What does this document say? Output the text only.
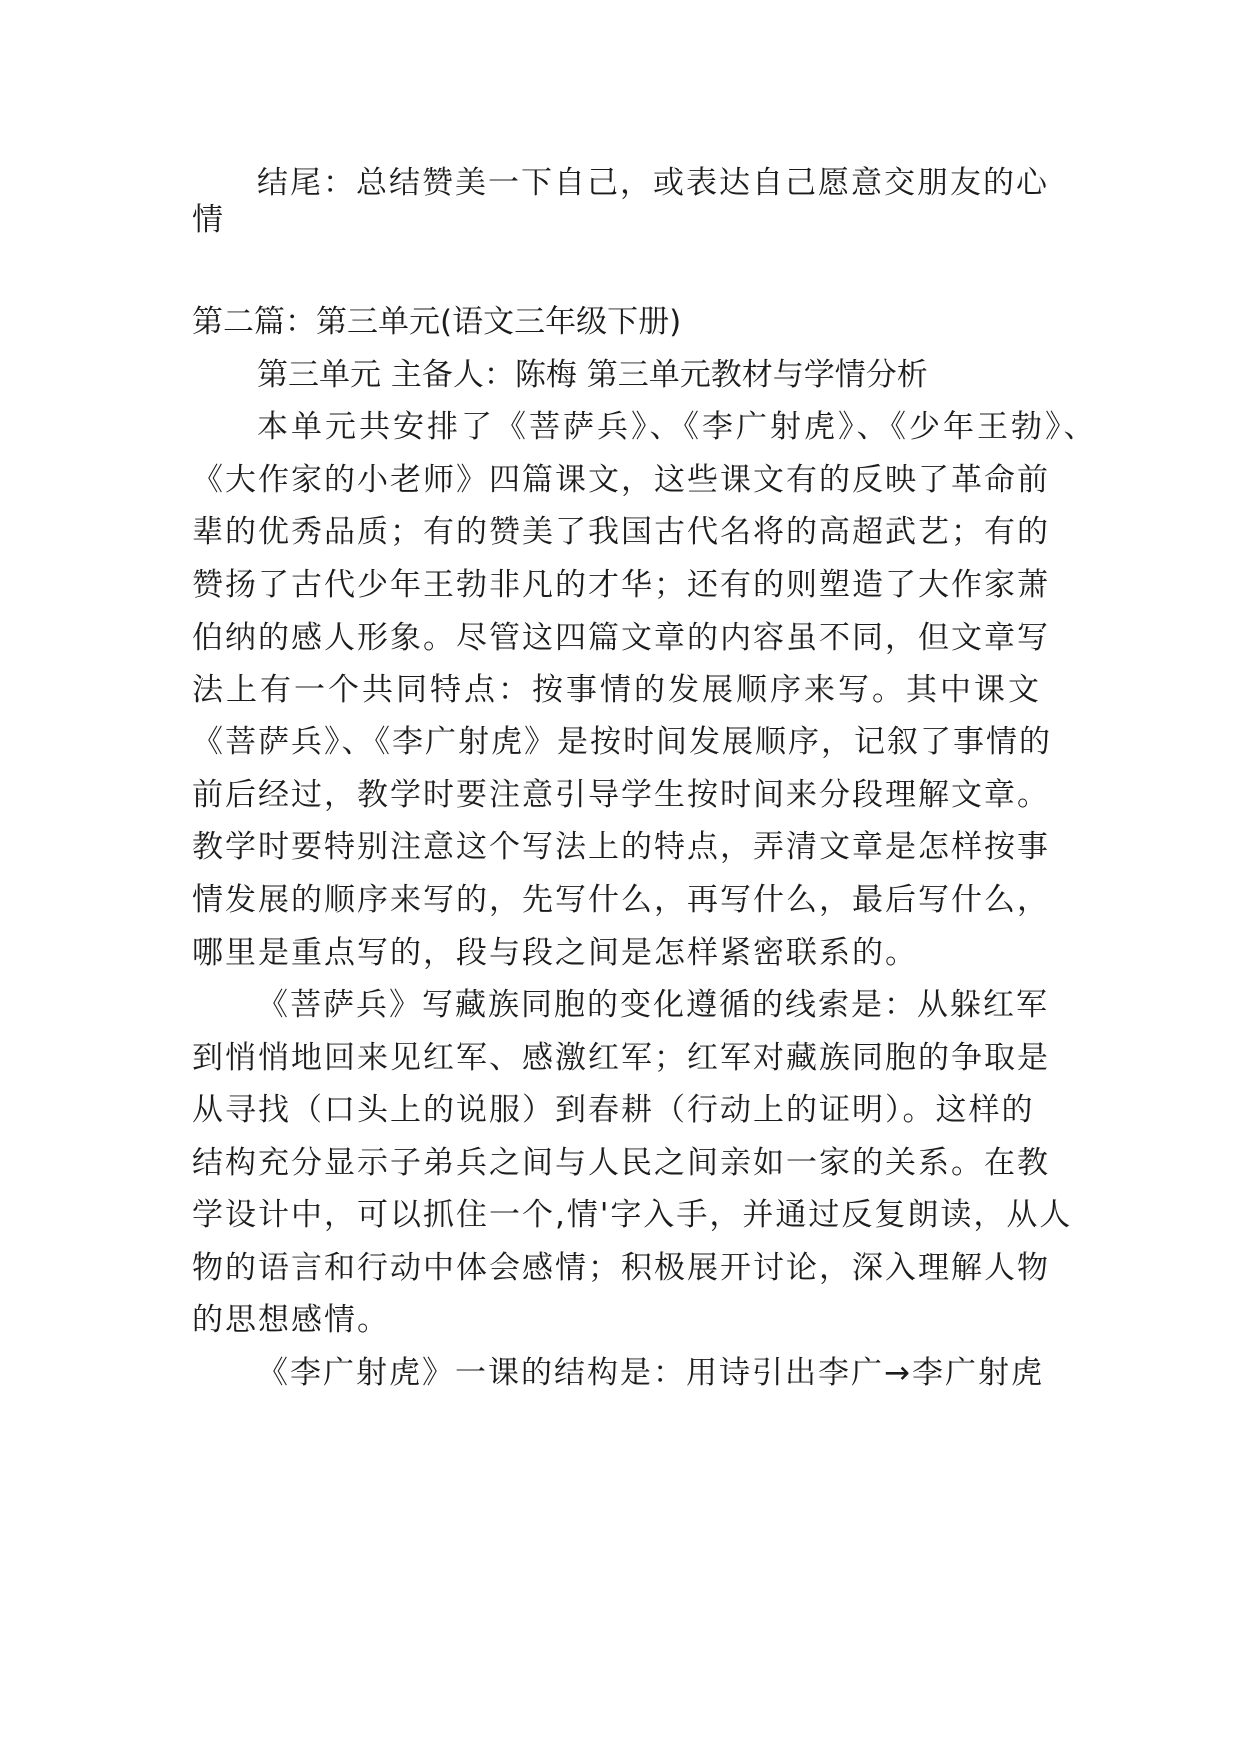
结尾：总结赞美一下自己，或表达自己愿意交朋友的心
情
第二篇：第三单元(语文三年级下册)
第三单元 主备人：陈梅 第三单元教材与学情分析
本单元共安排了《菩萨兵》、《李广射虎》、《少年王勃》、
《大作家的小老师》四篇课文，这些课文有的反映了革命前
辈的优秀品质；有的赞美了我国古代名将的高超武艺；有的
赞扬了古代少年王勃非凡的才华；还有的则塑造了大作家萧
伯纳的感人形象。尽管这四篇文章的内容虽不同，但文章写
法上有一个共同特点：按事情的发展顺序来写。其中课文
《菩萨兵》、《李广射虎》是按时间发展顺序，记叙了事情的
前后经过，教学时要注意引导学生按时间来分段理解文章。
教学时要特别注意这个写法上的特点，弄清文章是怎样按事
情发展的顺序来写的，先写什么，再写什么，最后写什么，
哪里是重点写的，段与段之间是怎样紧密联系的。
《菩萨兵》写藏族同胞的变化遵循的线索是：从躲红军
到悄悄地回来见红军、感激红军；红军对藏族同胞的争取是
从寻找（口头上的说服）到春耕（行动上的证明）。这样的
结构充分显示子弟兵之间与人民之间亲如一家的关系。在教
学设计中，可以抓住一个,情'字入手，并通过反复朗读，从人
物的语言和行动中体会感情；积极展开讨论，深入理解人物
的思想感情。
《李广射虎》一课的结构是：用诗引出李广→李广射虎
